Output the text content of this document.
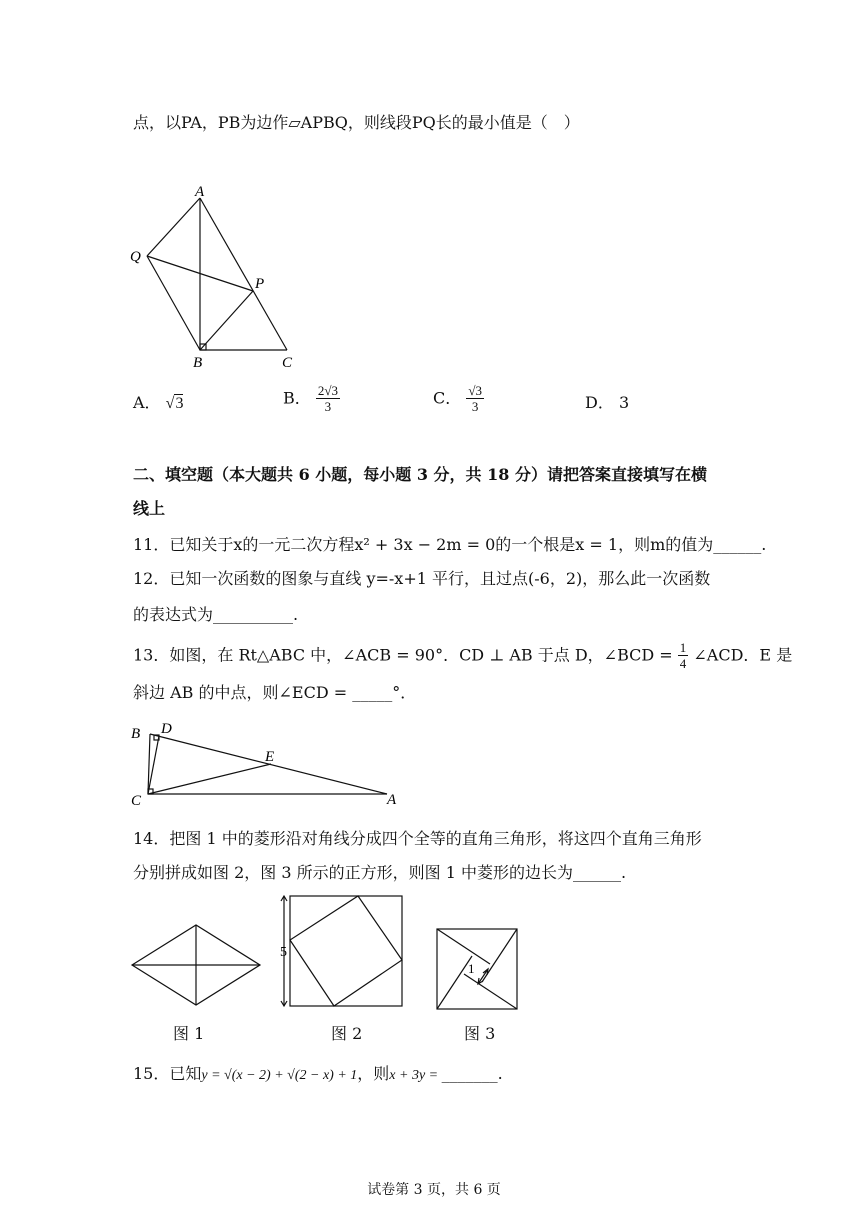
点，以PA，PB为边作▱APBQ，则线段PQ长的最小值是（　）
A
Q
P
B	C
A． √3	B． $\frac{2√3}{3}$	C． $\frac{√3}{3}$	D． 3
二、填空题（本大题共 6 小题，每小题 3 分，共 18 分）请把答案直接填写在横
线上
11．已知关于x的一元二次方程x² + 3x − 2m = 0的一个根是x = 1，则m的值为______.
12．已知一次函数的图象与直线 y=-x+1 平行，且过点(-6，2)，那么此一次函数
的表达式为__________.
13．如图，在 Rt△ABC 中，∠ACB = 90°．CD ⊥ AB 于点 D，∠BCD = $\frac{1}{4}$ ∠ACD．E 是
斜边 AB 的中点，则∠ECD = _____°．
B D
E
C	A
14．把图 1 中的菱形沿对角线分成四个全等的直角三角形，将这四个直角三角形
分别拼成如图 2，图 3 所示的正方形，则图 1 中菱形的边长为______.
5
1
图 1	图 2	图 3
15．已知y = √(x − 2) + √(2 − x) + 1，则x + 3y = _______.
试卷第 3 页，共 6 页
